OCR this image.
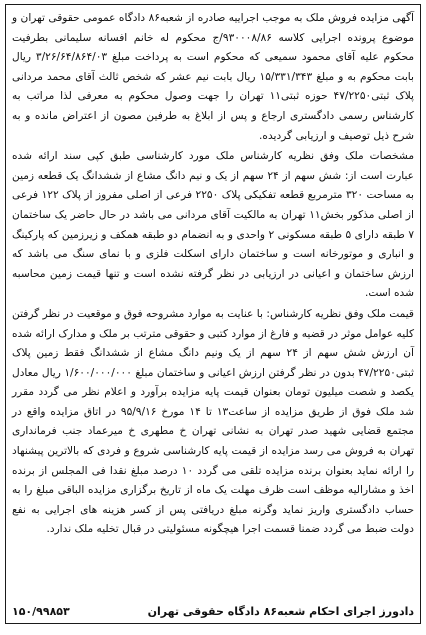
آگهی مزایده فروش ملک به موجب اجراییه صادره از شعبه۸۶ دادگاه عمومی حقوقی تهران و موضوع پرونده اجرایی کلاسه ۹۳۰۰۰۸/۸۶/ج محکوم له خانم افسانه سلیمانی بطرفیت محکوم علیه آقای محمود سمیعی که محکوم است به پرداخت مبلغ ۳/۲۶/۶۴/۸۶۴/۰۳ ریال بابت محکوم به و مبلغ ۱۵/۳۳۱/۳۴۳ ریال بابت نیم عشر که شخص ثالث آقای محمد مردانی پلاک ثبتی۴۷/۲۲۵۰ حوزه ثبتی۱۱ تهران را جهت وصول محکوم به معرفی لذا مراتب به کارشناس رسمی دادگستری ارجاع و پس از ابلاغ به طرفین مصون از اعتراض مانده و به شرح ذیل توصیف و ارزیابی گردیده.

مشخصات ملک وفق نظریه کارشناس ملک مورد کارشناسی طبق کپی سند ارائه شده عبارت است از: شش سهم از ۲۴ سهم از یک و نیم دانگ مشاع از ششدانگ یک قطعه زمین به مساحت ۳۲۰ مترمربع قطعه تفکیکی پلاک ۲۲۵۰ فرعی از اصلی مفروز از پلاک ۱۲۲ فرعی از اصلی مذکور بخش۱۱ تهران به مالکیت آقای مردانی می باشد در حال حاضر یک ساختمان ۷ طبقه دارای ۵ طبقه مسکونی ۲ واحدی و به انضمام دو طبقه همکف و زیرزمین که پارکینگ و انباری و موتورخانه است و ساختمان دارای اسکلت فلزی و با نمای سنگ می باشد که ارزش ساختمان و اعیانی در ارزیابی در نظر گرفته نشده است و تنها قیمت زمین محاسبه شده است.

قیمت ملک وفق نظریه کارشناس: با عنایت به موارد مشروحه فوق و موقعیت در نظر گرفتن کلیه عوامل موثر در قضیه و فارغ از موارد کتبی و حقوقی مترتب بر ملک و مدارک ارائه شده آن ارزش شش سهم از ۲۴ سهم از یک ونیم دانگ مشاع از ششدانگ فقط زمین پلاک ثبتی۴۷/۲۲۵۰ بدون در نظر گرفتن ارزش اعیانی و ساختمان مبلغ ۱/۶۰۰/۰۰۰/۰۰۰ ریال معادل یکصد و شصت میلیون تومان بعنوان قیمت پایه مزایده برآورد و اعلام نظر می گردد مقرر شد ملک فوق از طریق مزایده از ساعت۱۳ تا ۱۴ مورخ ۹۵/۹/۱۶ در اتاق مزایده واقع در مجتمع قضایی شهید صدر تهران به نشانی تهران خ مطهری خ میرعماد جنب فرمانداری تهران به فروش می رسد مزایده از قیمت پایه کارشناسی شروع و فردی که بالاترین پیشنهاد را ارائه نماید بعنوان برنده مزایده تلقی می گردد ۱۰ درصد مبلغ نقدا فی المجلس از برنده اخذ و مشارالیه موظف است ظرف مهلت یک ماه از تاریخ برگزاری مزایده الباقی مبلغ را به حساب دادگستری واریز نماید وگرنه مبلغ دریافتی پس از کسر هزینه های اجرایی به نفع دولت ضبط می گردد ضمنا قسمت اجرا هیچگونه مسئولیتی در قبال تخلیه ملک ندارد.

دادورز اجرای احکام شعبه۸۶ دادگاه حقوقی تهران
۱۵۰/۹۹۸۵۳
